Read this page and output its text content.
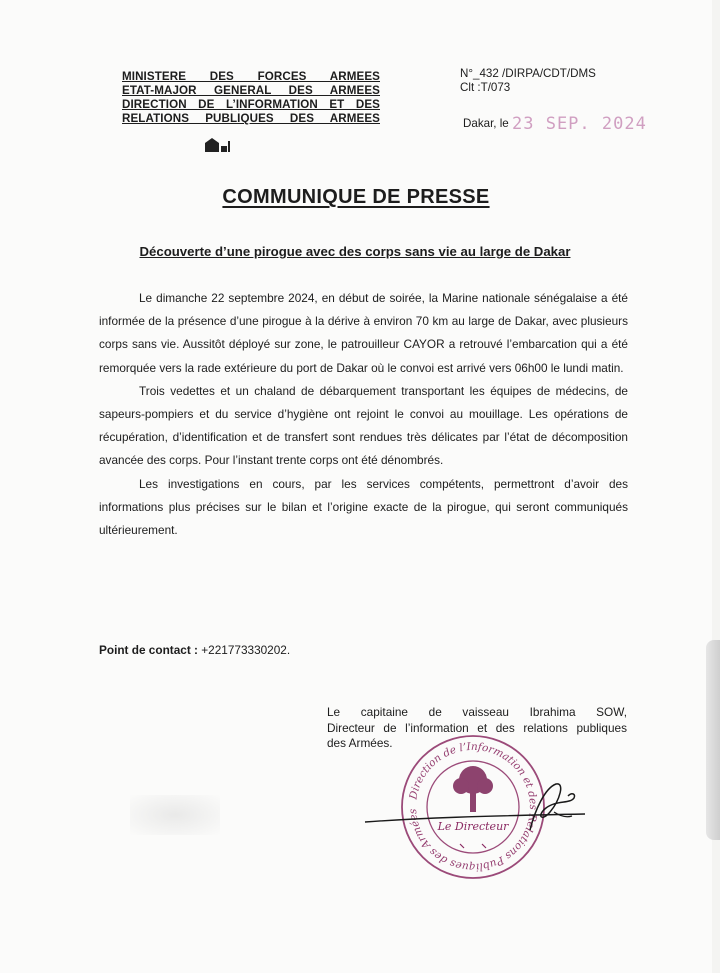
MINISTERE DES FORCES ARMEES
ETAT-MAJOR GENERAL DES ARMEES
DIRECTION DE L’INFORMATION ET DES
RELATIONS PUBLIQUES DES ARMEES
N°_432 /DIRPA/CDT/DMS
Clt :T/073
Dakar, le 23 SEP. 2024
COMMUNIQUE DE PRESSE
Découverte d’une pirogue avec des corps sans vie au large de Dakar

Le dimanche 22 septembre 2024, en début de soirée, la Marine nationale sénégalaise a été informée de la présence d’une pirogue à la dérive à environ 70 km au large de Dakar, avec plusieurs corps sans vie. Aussitôt déployé sur zone, le patrouilleur CAYOR a retrouvé l’embarcation qui a été remorquée vers la rade extérieure du port de Dakar où le convoi est arrivé vers 06h00 le lundi matin.

Trois vedettes et un chaland de débarquement transportant les équipes de médecins, de sapeurs-pompiers et du service d’hygiène ont rejoint le convoi au mouillage. Les opérations de récupération, d’identification et de transfert sont rendues très délicates par l’état de décomposition avancée des corps. Pour l’instant trente corps ont été dénombrés.

Les investigations en cours, par les services compétents, permettront d’avoir des informations plus précises sur le bilan et l’origine exacte de la pirogue, qui seront communiqués ultérieurement.

Point de contact : +221773330202.
Le capitaine de vaisseau Ibrahima SOW,
Directeur de l’information et des relations publiques
des Armées.
Direction de l’Information et des Relations Publiques des Armées
Le Directeur
